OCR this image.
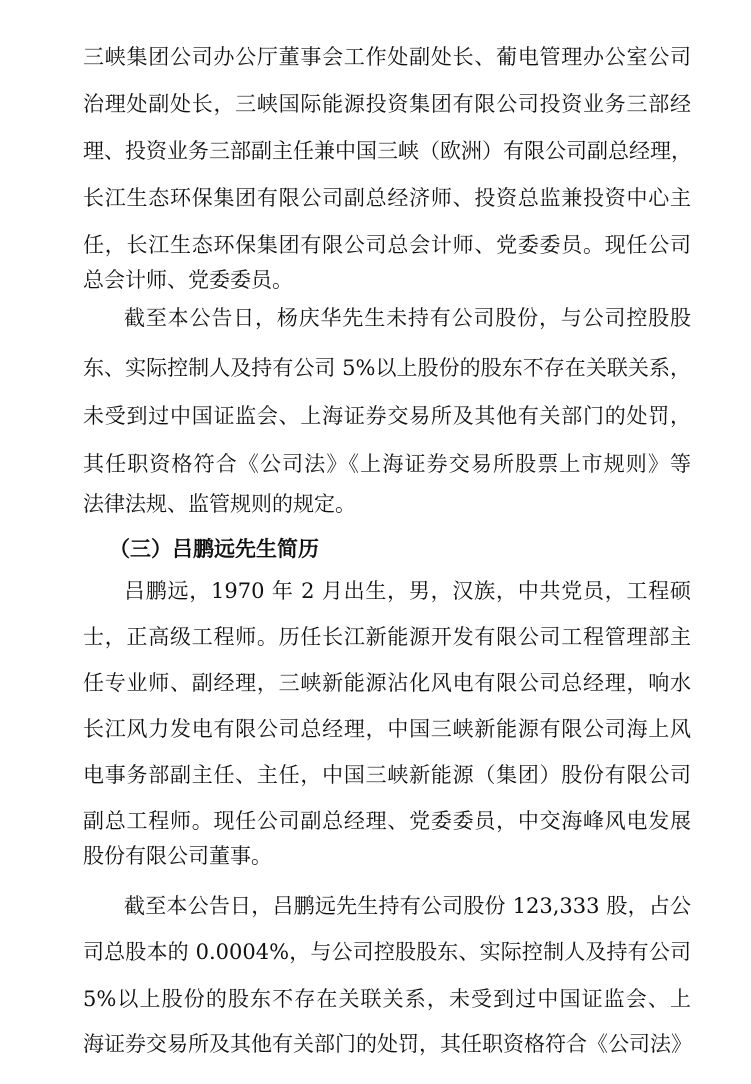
三峡集团公司办公厅董事会工作处副处长、葡电管理办公室公司
治理处副处长，三峡国际能源投资集团有限公司投资业务三部经
理、投资业务三部副主任兼中国三峡（欧洲）有限公司副总经理，
长江生态环保集团有限公司副总经济师、投资总监兼投资中心主
任，长江生态环保集团有限公司总会计师、党委委员。现任公司
总会计师、党委委员。
截至本公告日，杨庆华先生未持有公司股份，与公司控股股
东、实际控制人及持有公司 5%以上股份的股东不存在关联关系，
未受到过中国证监会、上海证券交易所及其他有关部门的处罚，
其任职资格符合《公司法》《上海证券交易所股票上市规则》等
法律法规、监管规则的规定。
（三）吕鹏远先生简历
吕鹏远，1970 年 2 月出生，男，汉族，中共党员，工程硕
士，正高级工程师。历任长江新能源开发有限公司工程管理部主
任专业师、副经理，三峡新能源沾化风电有限公司总经理，响水
长江风力发电有限公司总经理，中国三峡新能源有限公司海上风
电事务部副主任、主任，中国三峡新能源（集团）股份有限公司
副总工程师。现任公司副总经理、党委委员，中交海峰风电发展
股份有限公司董事。
截至本公告日，吕鹏远先生持有公司股份 123,333 股，占公
司总股本的 0.0004%，与公司控股股东、实际控制人及持有公司
5%以上股份的股东不存在关联关系，未受到过中国证监会、上
海证券交易所及其他有关部门的处罚，其任职资格符合《公司法》
